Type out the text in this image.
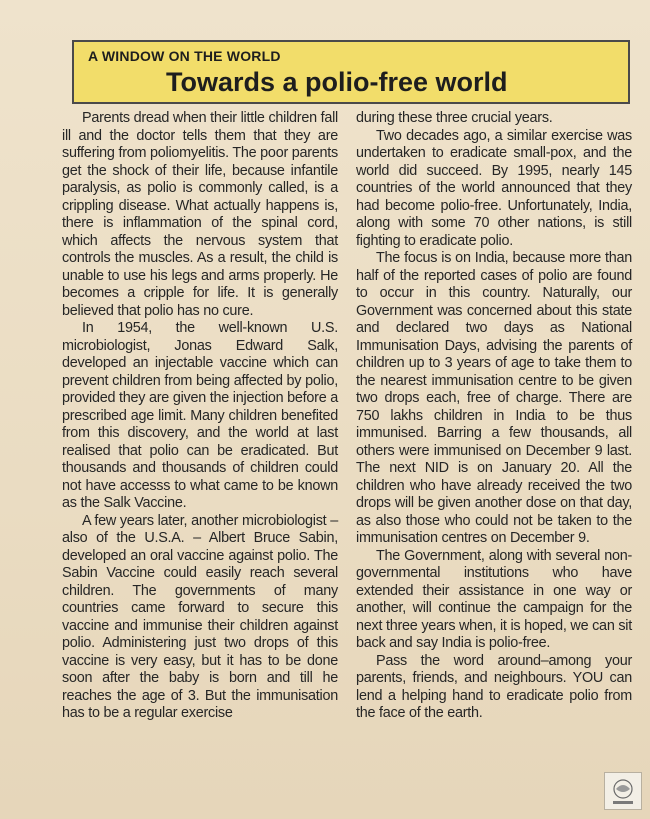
A WINDOW ON THE WORLD
Towards a polio-free world

Parents dread when their little children fall ill and the doctor tells them that they are suffering from poliomyelitis. The poor parents get the shock of their life, because infantile paralysis, as polio is commonly called, is a crippling disease. What actually happens is, there is inflammation of the spinal cord, which affects the nervous system that controls the muscles. As a result, the child is unable to use his legs and arms properly. He becomes a cripple for life. It is generally believed that polio has no cure.

In 1954, the well-known U.S. microbiologist, Jonas Edward Salk, developed an injectable vaccine which can prevent children from being affected by polio, provided they are given the injection before a prescribed age limit. Many children benefited from this discovery, and the world at last realised that polio can be eradicated. But thousands and thousands of children could not have accesss to what came to be known as the Salk Vaccine.

A few years later, another microbiologist – also of the U.S.A. – Albert Bruce Sabin, developed an oral vaccine against polio. The Sabin Vaccine could easily reach several children. The governments of many countries came forward to secure this vaccine and immunise their children against polio. Administering just two drops of this vaccine is very easy, but it has to be done soon after the baby is born and till he reaches the age of 3. But the immunisation has to be a regular exercise

during these three crucial years.

Two decades ago, a similar exercise was undertaken to eradicate small-pox, and the world did succeed. By 1995, nearly 145 countries of the world announced that they had become polio-free. Unfortunately, India, along with some 70 other nations, is still fighting to eradicate polio.

The focus is on India, because more than half of the reported cases of polio are found to occur in this country. Naturally, our Government was concerned about this state and declared two days as National Immunisation Days, advising the parents of children up to 3 years of age to take them to the nearest immunisation centre to be given two drops each, free of charge. There are 750 lakhs children in India to be thus immunised. Barring a few thousands, all others were immunised on December 9 last. The next NID is on January 20. All the children who have already received the two drops will be given another dose on that day, as also those who could not be taken to the immunisation centres on December 9.

The Government, along with several non-governmental institutions who have extended their assistance in one way or another, will continue the campaign for the next three years when, it is hoped, we can sit back and say India is polio-free.

Pass the word around–among your parents, friends, and neighbours. YOU can lend a helping hand to eradicate polio from the face of the earth.
